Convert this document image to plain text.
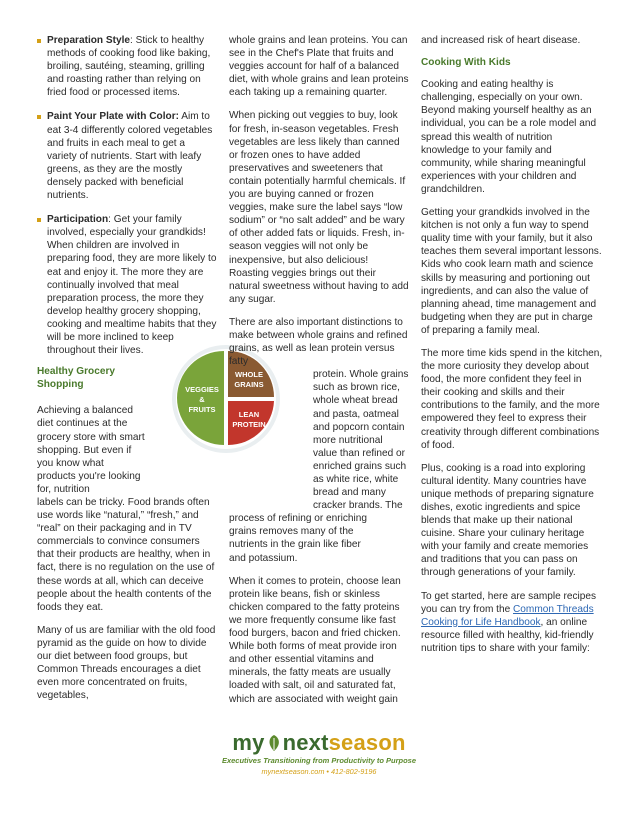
Preparation Style: Stick to healthy methods of cooking food like baking, broiling, sautéing, steaming, grilling and roasting rather than relying on fried food or processed items.
Paint Your Plate with Color: Aim to eat 3-4 differently colored vegetables and fruits in each meal to get a variety of nutrients. Start with leafy greens, as they are the mostly densely packed with beneficial nutrients.
Participation: Get your family involved, especially your grandkids! When children are involved in preparing food, they are more likely to eat and enjoy it. The more they are continually involved that meal preparation process, the more they develop healthy grocery shopping, cooking and mealtime habits that they will be more inclined to keep throughout their lives.
Healthy Grocery Shopping

Achieving a balanced diet continues at the grocery store with smart shopping. But even if you know what products you're looking for, nutrition

labels can be tricky. Food brands often use words like “natural,” “fresh,” and “real” on their packaging and in TV commercials to convince consumers that their products are healthy, when in fact, there is no regulation on the use of these words at all, which can deceive people about the health contents of the foods they eat.

Many of us are familiar with the old food pyramid as the guide on how to divide our diet between food groups, but Common Threads encourages a diet even more concentrated on fruits, vegetables,

VEGGIES
&
FRUITS
WHOLE
GRAINS
LEAN
PROTEIN

whole grains and lean proteins. You can see in the Chef's Plate that fruits and veggies account for half of a balanced diet, with whole grains and lean proteins each taking up a remaining quarter.

When picking out veggies to buy, look for fresh, in-season vegetables. Fresh vegetables are less likely than canned or frozen ones to have added preservatives and sweeteners that contain potentially harmful chemicals. If you are buying canned or frozen veggies, make sure the label says “low sodium” or “no salt added” and be wary of other added fats or liquids. Fresh, in-season veggies will not only be inexpensive, but also delicious! Roasting veggies brings out their natural sweetness without having to add any sugar.

There are also important distinctions to make between whole grains and refined grains, as well as lean protein versus fatty

protein. Whole grains such as brown rice, whole wheat bread and pasta, oatmeal and popcorn contain more nutritional value than refined or enriched grains such as white rice, white bread and many cracker brands. The

process of refining or enriching grains removes many of the nutrients in the grain like fiber and potassium.

When it comes to protein, choose lean protein like beans, fish or skinless chicken compared to the fatty proteins we more frequently consume like fast food burgers, bacon and fried chicken. While both forms of meat provide iron and other essential vitamins and minerals, the fatty meats are usually loaded with salt, oil and saturated fat, which are associated with weight gain

and increased risk of heart disease.

Cooking With Kids

Cooking and eating healthy is challenging, especially on your own. Beyond making yourself healthy as an individual, you can be a role model and spread this wealth of nutrition knowledge to your family and community, while sharing meaningful experiences with your children and grandchildren.

Getting your grandkids involved in the kitchen is not only a fun way to spend quality time with your family, but it also teaches them several important lessons. Kids who cook learn math and science skills by measuring and portioning out ingredients, and can also the value of planning ahead, time management and budgeting when they are put in charge of preparing a family meal.

The more time kids spend in the kitchen, the more curiosity they develop about food, the more confident they feel in their cooking and skills and their contributions to the family, and the more empowered they feel to express their creativity through different combinations of food.

Plus, cooking is a road into exploring cultural identity. Many countries have unique methods of preparing signature dishes, exotic ingredients and spice blends that make up their national cuisine. Share your culinary heritage with your family and create memories and traditions that you can pass on through generations of your family.

To get started, here are sample recipes you can try from the Common Threads Cooking for Life Handbook, an online resource filled with healthy, kid-friendly nutrition tips to share with your family:

my nextseason
Executives Transitioning from Productivity to Purpose
mynextseason.com • 412-802-9196
